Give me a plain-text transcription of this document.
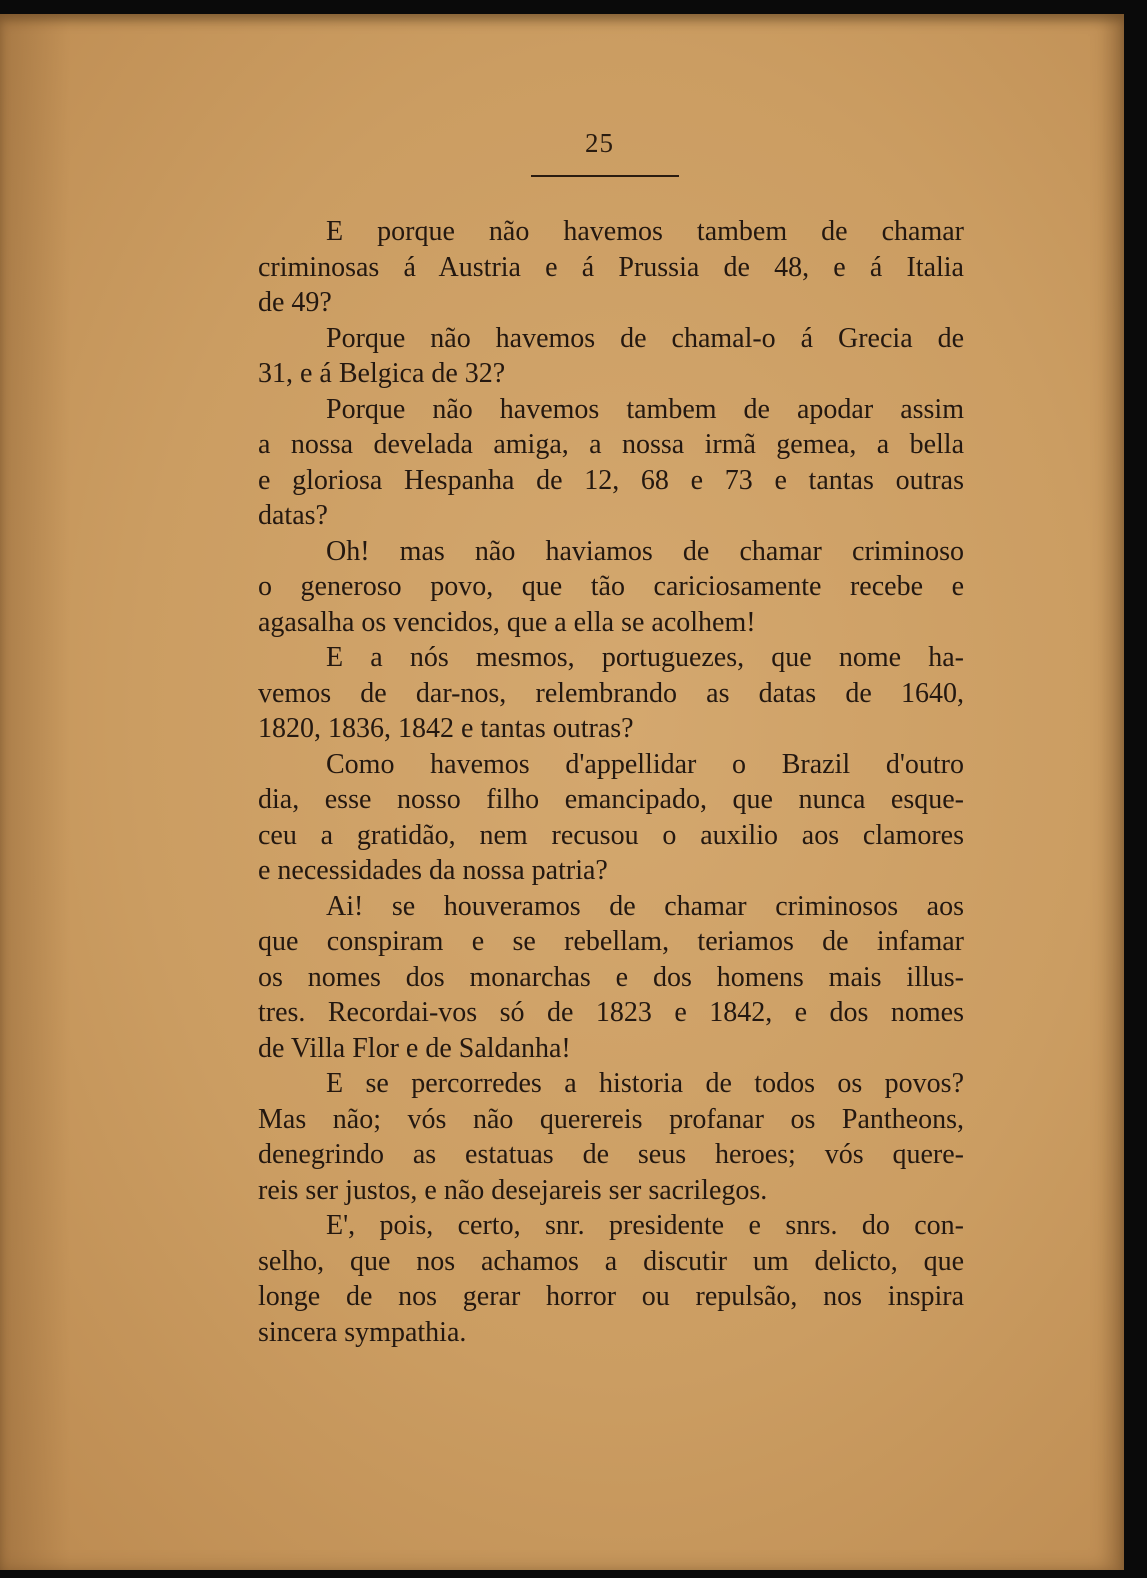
25
E porque não havemos tambem de chamar
criminosas á Austria e á Prussia de 48, e á Italia
de 49?
Porque não havemos de chamal-o á Grecia de
31, e á Belgica de 32?
Porque não havemos tambem de apodar assim
a nossa develada amiga, a nossa irmã gemea, a bella
e gloriosa Hespanha de 12, 68 e 73 e tantas outras
datas?
Oh! mas não haviamos de chamar criminoso
o generoso povo, que tão cariciosamente recebe e
agasalha os vencidos, que a ella se acolhem!
E a nós mesmos, portuguezes, que nome ha-
vemos de dar-nos, relembrando as datas de 1640,
1820, 1836, 1842 e tantas outras?
Como havemos d'appellidar o Brazil d'outro
dia, esse nosso filho emancipado, que nunca esque-
ceu a gratidão, nem recusou o auxilio aos clamores
e necessidades da nossa patria?
Ai! se houveramos de chamar criminosos aos
que conspiram e se rebellam, teriamos de infamar
os nomes dos monarchas e dos homens mais illus-
tres. Recordai-vos só de 1823 e 1842, e dos nomes
de Villa Flor e de Saldanha!
E se percorredes a historia de todos os povos?
Mas não; vós não querereis profanar os Pantheons,
denegrindo as estatuas de seus heroes; vós quere-
reis ser justos, e não desejareis ser sacrilegos.
E', pois, certo, snr. presidente e snrs. do con-
selho, que nos achamos a discutir um delicto, que
longe de nos gerar horror ou repulsão, nos inspira
sincera sympathia.
